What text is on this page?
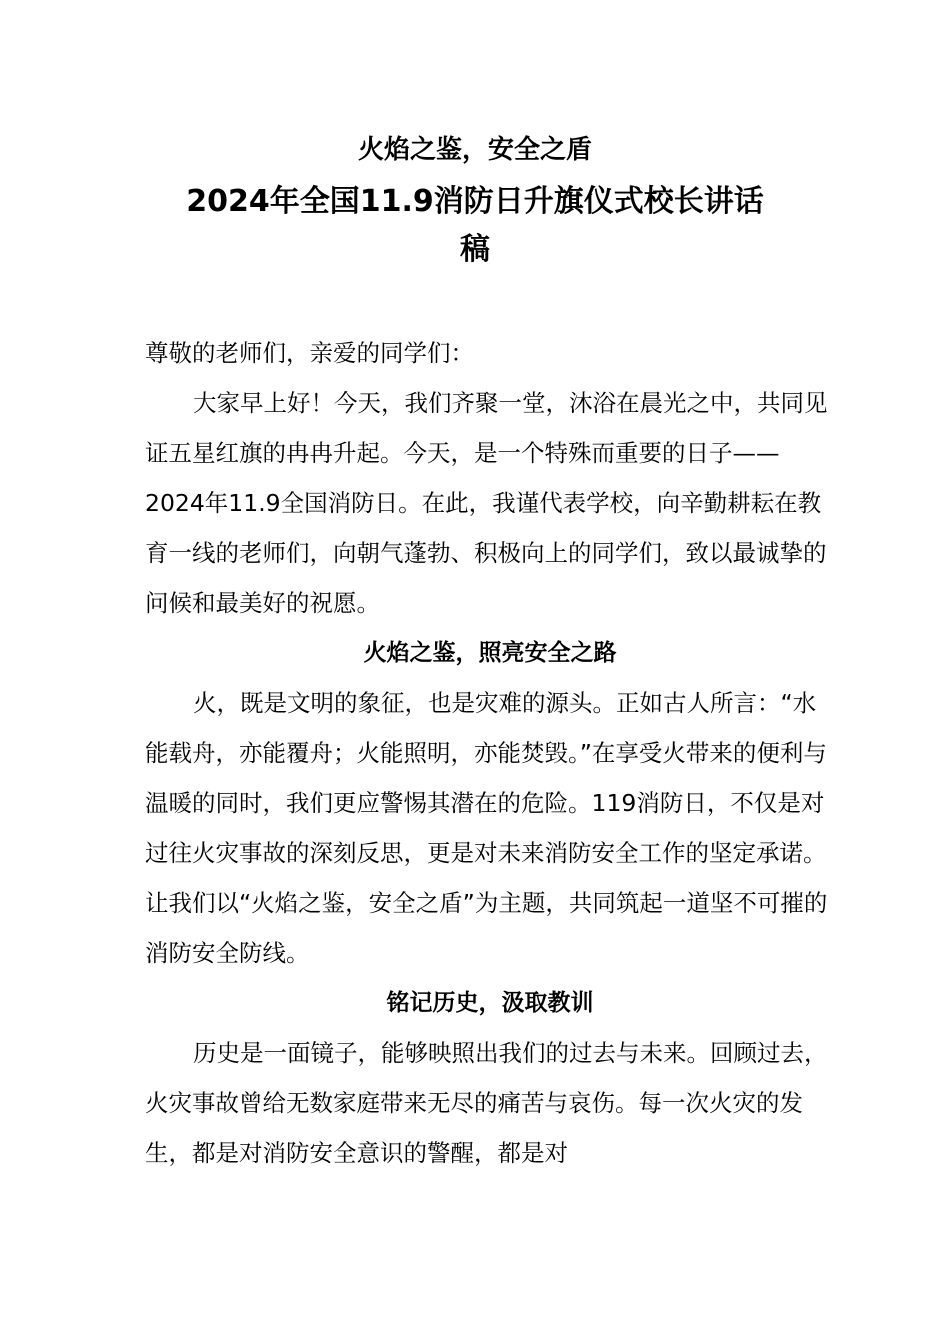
火焰之鉴，安全之盾
2024年全国11.9消防日升旗仪式校长讲话
稿

尊敬的老师们，亲爱的同学们：

大家早上好！今天，我们齐聚一堂，沐浴在晨光之中，共同见证五星红旗的冉冉升起。今天，是一个特殊而重要的日子——2024年11.9全国消防日。在此，我谨代表学校，向辛勤耕耘在教育一线的老师们，向朝气蓬勃、积极向上的同学们，致以最诚挚的问候和最美好的祝愿。

火焰之鉴，照亮安全之路

火，既是文明的象征，也是灾难的源头。正如古人所言：“水能载舟，亦能覆舟；火能照明，亦能焚毁。”在享受火带来的便利与温暖的同时，我们更应警惕其潜在的危险。119消防日，不仅是对过往火灾事故的深刻反思，更是对未来消防安全工作的坚定承诺。让我们以“火焰之鉴，安全之盾”为主题，共同筑起一道坚不可摧的消防安全防线。

铭记历史，汲取教训

历史是一面镜子，能够映照出我们的过去与未来。回顾过去，火灾事故曾给无数家庭带来无尽的痛苦与哀伤。每一次火灾的发生，都是对消防安全意识的警醒，都是对
